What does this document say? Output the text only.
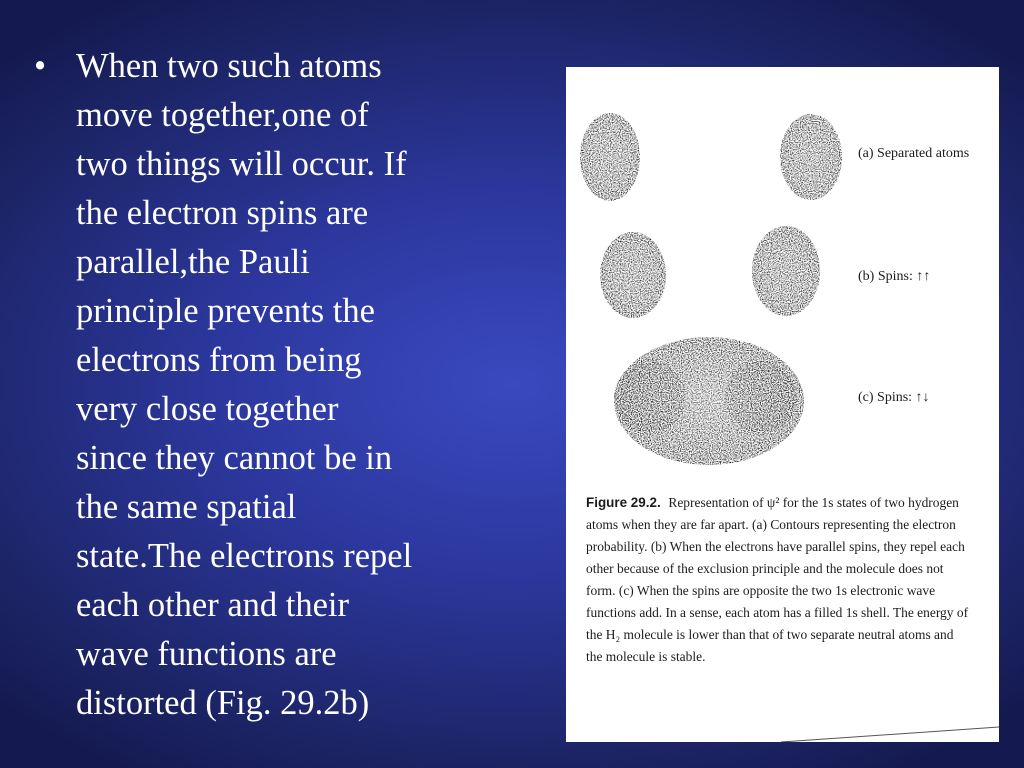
• When two such atoms
move together,one of
two things will occur. If
the electron spins are
parallel,the Pauli
principle prevents the
electrons from being
very close together
since they cannot be in
the same spatial
state.The electrons repel
each other and their
wave functions are
distorted (Fig. 29.2b)
(a) Separated atoms
(b) Spins: ↑↑
(c) Spins: ↑↓
Figure 29.2. Representation of ψ² for the 1s states of two hydrogen atoms when they are far apart. (a) Contours representing the electron probability. (b) When the electrons have parallel spins, they repel each other because of the exclusion principle and the molecule does not form. (c) When the spins are opposite the two 1s electronic wave functions add. In a sense, each atom has a filled 1s shell. The energy of the H₂ molecule is lower than that of two separate neutral atoms and the molecule is stable.
